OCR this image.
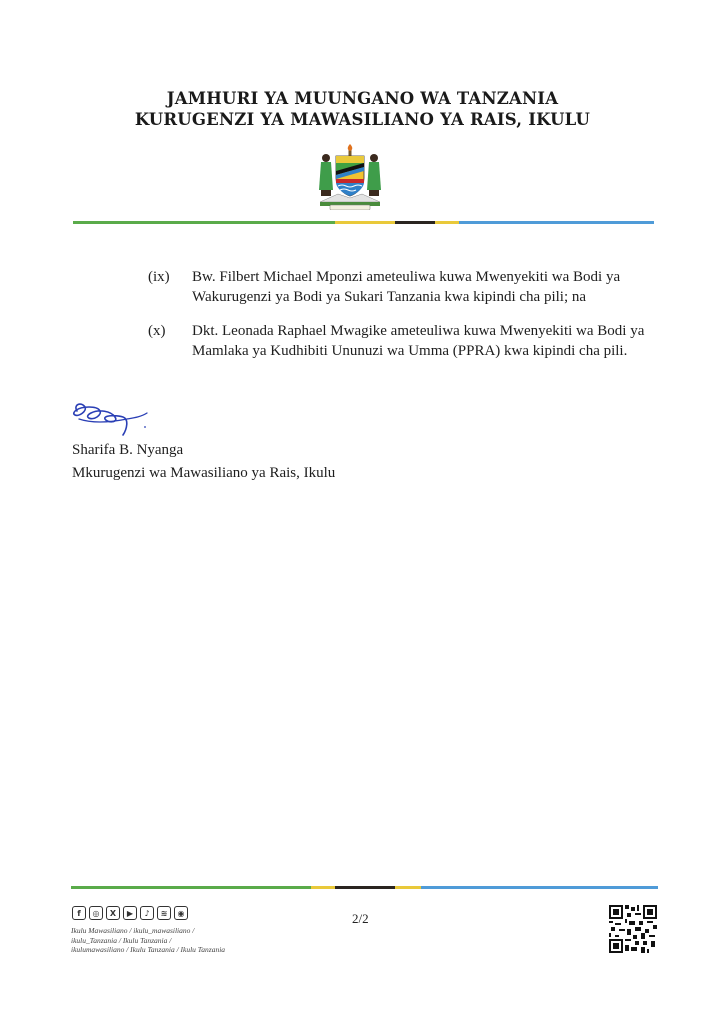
JAMHURI YA MUUNGANO WA TANZANIA
KURUGENZI YA MAWASILIANO YA RAIS, IKULU
(ix)	Bw. Filbert Michael Mponzi ameteuliwa kuwa Mwenyekiti wa Bodi ya Wakurugenzi ya Bodi ya Sukari Tanzania kwa kipindi cha pili; na
(x)	Dkt. Leonada Raphael Mwagike ameteuliwa kuwa Mwenyekiti wa Bodi ya Mamlaka ya Kudhibiti Ununuzi wa Umma (PPRA) kwa kipindi cha pili.
Sharifa B. Nyanga
Mkurugenzi wa Mawasiliano ya Rais, Ikulu
f	◎	X	▶	♪	≋	◉
Ikulu Mawasiliano / ikulu_mawasiliano /
ikulu_Tanzania / Ikulu Tanzania /
ikulumawasiliano / Ikulu Tanzania / Ikulu Tanzania
2/2
